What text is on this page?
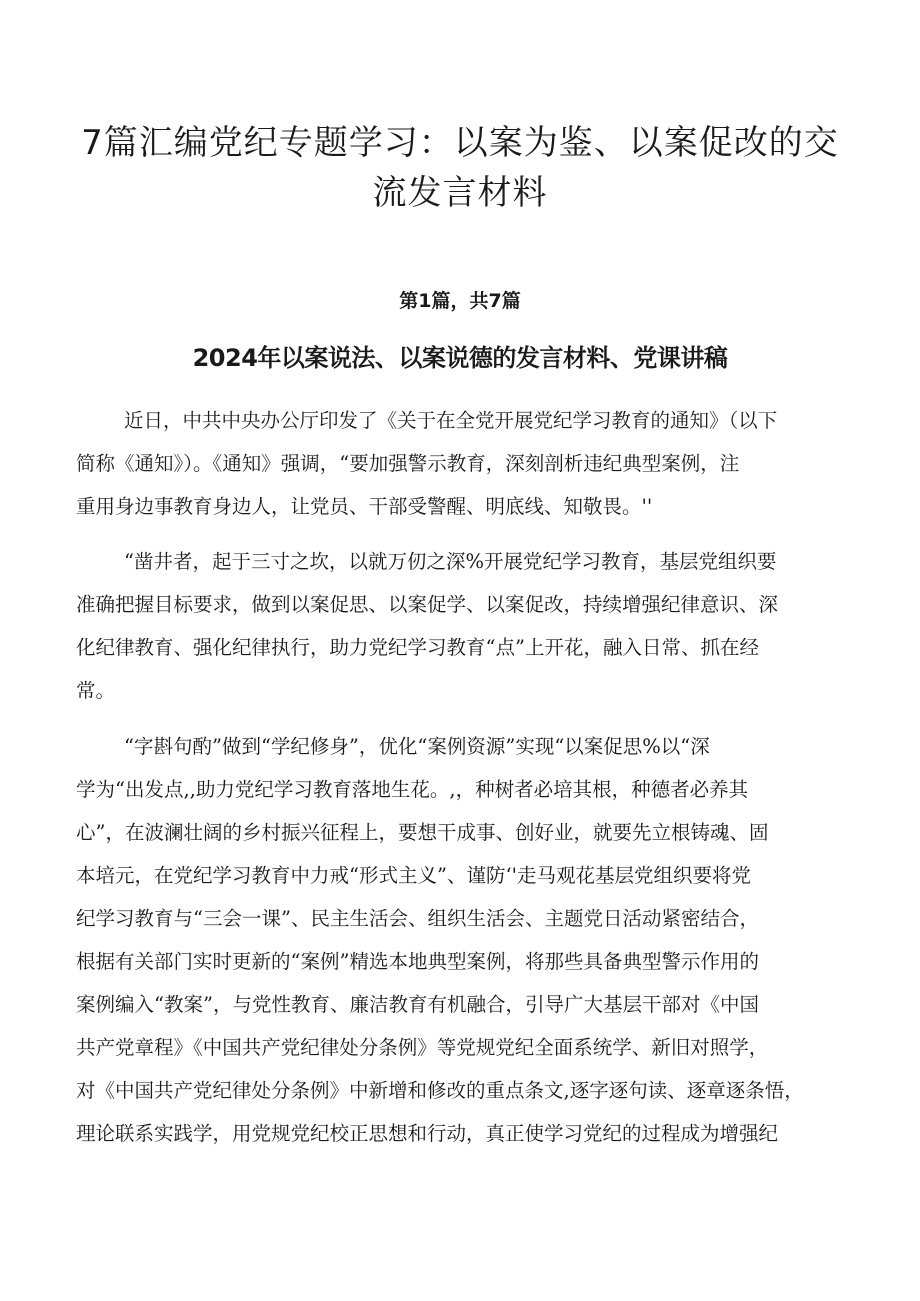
7篇汇编党纪专题学习：以案为鉴、以案促改的交
流发言材料
第1篇，共7篇
2024年以案说法、以案说德的发言材料、党课讲稿
近日，中共中央办公厅印发了《关于在全党开展党纪学习教育的通知》（以下
简称《通知》）。《通知》强调，“要加强警示教育，深刻剖析违纪典型案例，注
重用身边事教育身边人，让党员、干部受警醒、明底线、知敬畏。''
“凿井者，起于三寸之坎，以就万仞之深%开展党纪学习教育，基层党组织要
准确把握目标要求，做到以案促思、以案促学、以案促改，持续增强纪律意识、深
化纪律教育、强化纪律执行，助力党纪学习教育“点”上开花，融入日常、抓在经
常。
“字斟句酌”做到“学纪修身”，优化“案例资源”实现“以案促思%以“深
学为“出发点,,助力党纪学习教育落地生花。,，种树者必培其根，种德者必养其
心”，在波澜壮阔的乡村振兴征程上，要想干成事、创好业，就要先立根铸魂、固
本培元，在党纪学习教育中力戒“形式主义”、谨防‘'走马观花基层党组织要将党
纪学习教育与“三会一课”、民主生活会、组织生活会、主题党日活动紧密结合，
根据有关部门实时更新的“案例”精选本地典型案例，将那些具备典型警示作用的
案例编入“教案”，与党性教育、廉洁教育有机融合，引导广大基层干部对《中国
共产党章程》《中国共产党纪律处分条例》等党规党纪全面系统学、新旧对照学，
对《中国共产党纪律处分条例》中新增和修改的重点条文,逐字逐句读、逐章逐条悟，
理论联系实践学，用党规党纪校正思想和行动，真正使学习党纪的过程成为增强纪
